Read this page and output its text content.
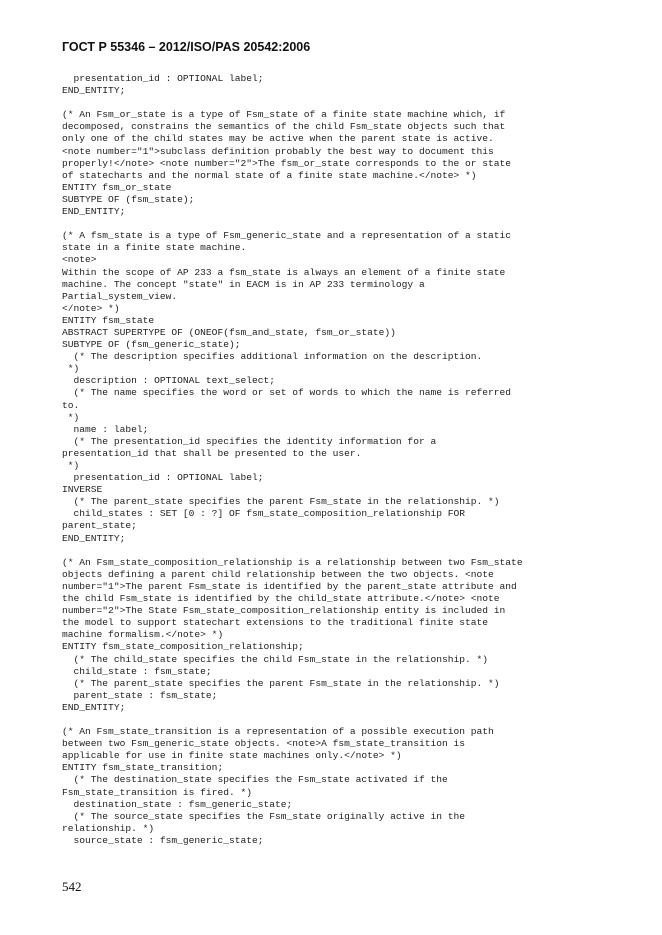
ГОСТ Р 55346 – 2012/ISO/PAS 20542:2006
presentation_id : OPTIONAL label;
END_ENTITY;
(* An Fsm_or_state is a type of Fsm_state of a finite state machine which, if
decomposed, constrains the semantics of the child Fsm_state objects such that
only one of the child states may be active when the parent state is active.
<note number="1">subclass definition probably the best way to document this
properly!</note> <note number="2">The fsm_or_state corresponds to the or state
of statecharts and the normal state of a finite state machine.</note> *)
ENTITY fsm_or_state
SUBTYPE OF (fsm_state);
END_ENTITY;
(* A fsm_state is a type of Fsm_generic_state and a representation of a static
state in a finite state machine.
<note>
Within the scope of AP 233 a fsm_state is always an element of a finite state
machine. The concept "state" in EACM is in AP 233 terminology a
Partial_system_view.
</note> *)
ENTITY fsm_state
ABSTRACT SUPERTYPE OF (ONEOF(fsm_and_state, fsm_or_state))
SUBTYPE OF (fsm_generic_state);
(* The description specifies additional information on the description.
*)
description : OPTIONAL text_select;
(* The name specifies the word or set of words to which the name is referred
to.
*)
name : label;
(* The presentation_id specifies the identity information for a
presentation_id that shall be presented to the user.
*)
presentation_id : OPTIONAL label;
INVERSE
(* The parent_state specifies the parent Fsm_state in the relationship. *)
child_states : SET [0 : ?] OF fsm_state_composition_relationship FOR
parent_state;
END_ENTITY;
(* An Fsm_state_composition_relationship is a relationship between two Fsm_state
objects defining a parent child relationship between the two objects. <note
number="1">The parent Fsm_state is identified by the parent_state attribute and
the child Fsm_state is identified by the child_state attribute.</note> <note
number="2">The State Fsm_state_composition_relationship entity is included in
the model to support statechart extensions to the traditional finite state
machine formalism.</note> *)
ENTITY fsm_state_composition_relationship;
(* The child_state specifies the child Fsm_state in the relationship. *)
child_state : fsm_state;
(* The parent_state specifies the parent Fsm_state in the relationship. *)
parent_state : fsm_state;
END_ENTITY;
(* An Fsm_state_transition is a representation of a possible execution path
between two Fsm_generic_state objects. <note>A fsm_state_transition is
applicable for use in finite state machines only.</note> *)
ENTITY fsm_state_transition;
(* The destination_state specifies the Fsm_state activated if the
Fsm_state_transition is fired. *)
destination_state : fsm_generic_state;
(* The source_state specifies the Fsm_state originally active in the
relationship. *)
source_state : fsm_generic_state;
542
